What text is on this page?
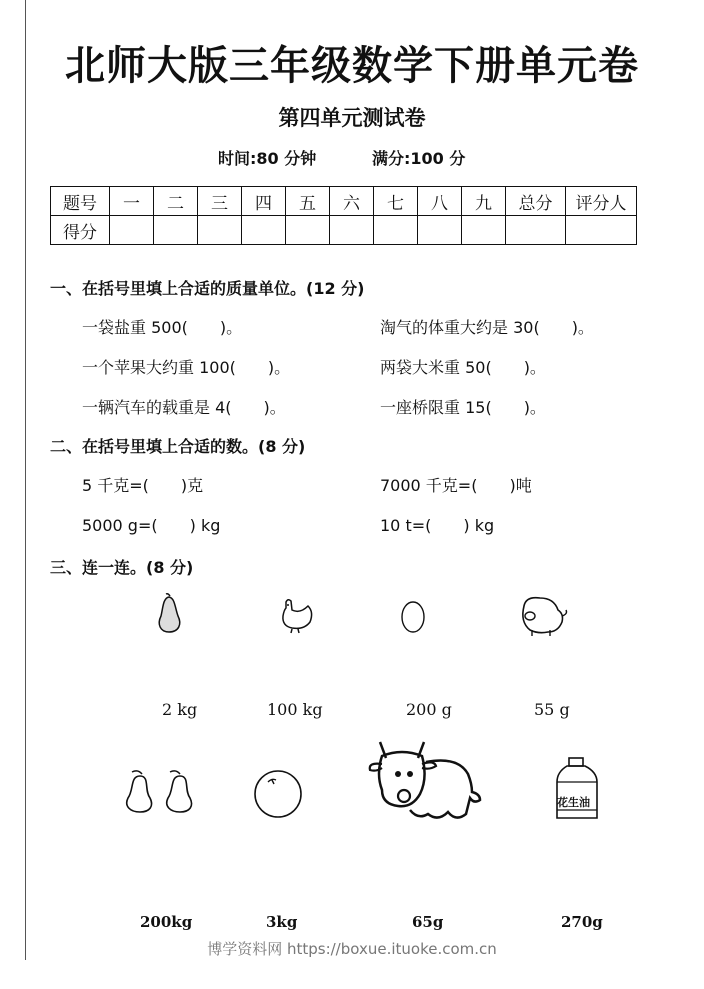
北师大版三年级数学下册单元卷
第四单元测试卷
时间:80 分钟	满分:100 分
题号	一	二	三	四	五	六	七	八	九	总分	评分人
得分											
一、在括号里填上合适的质量单位。(12 分)
一袋盐重 500(　　)。	淘气的体重大约是 30(　　)。
一个苹果大约重 100(　　)。	两袋大米重 50(　　)。
一辆汽车的载重是 4(　　)。	一座桥限重 15(　　)。
二、在括号里填上合适的数。(8 分)
5 千克=(　　)克	7000 千克=(　　)吨
5000 g=(　　) kg	10 t=(　　) kg
三、连一连。(8 分)
2 kg	100 kg	200 g	55 g
花生油
200kg	3kg	65g	270g
博学资料网 https://boxue.ituoke.com.cn
